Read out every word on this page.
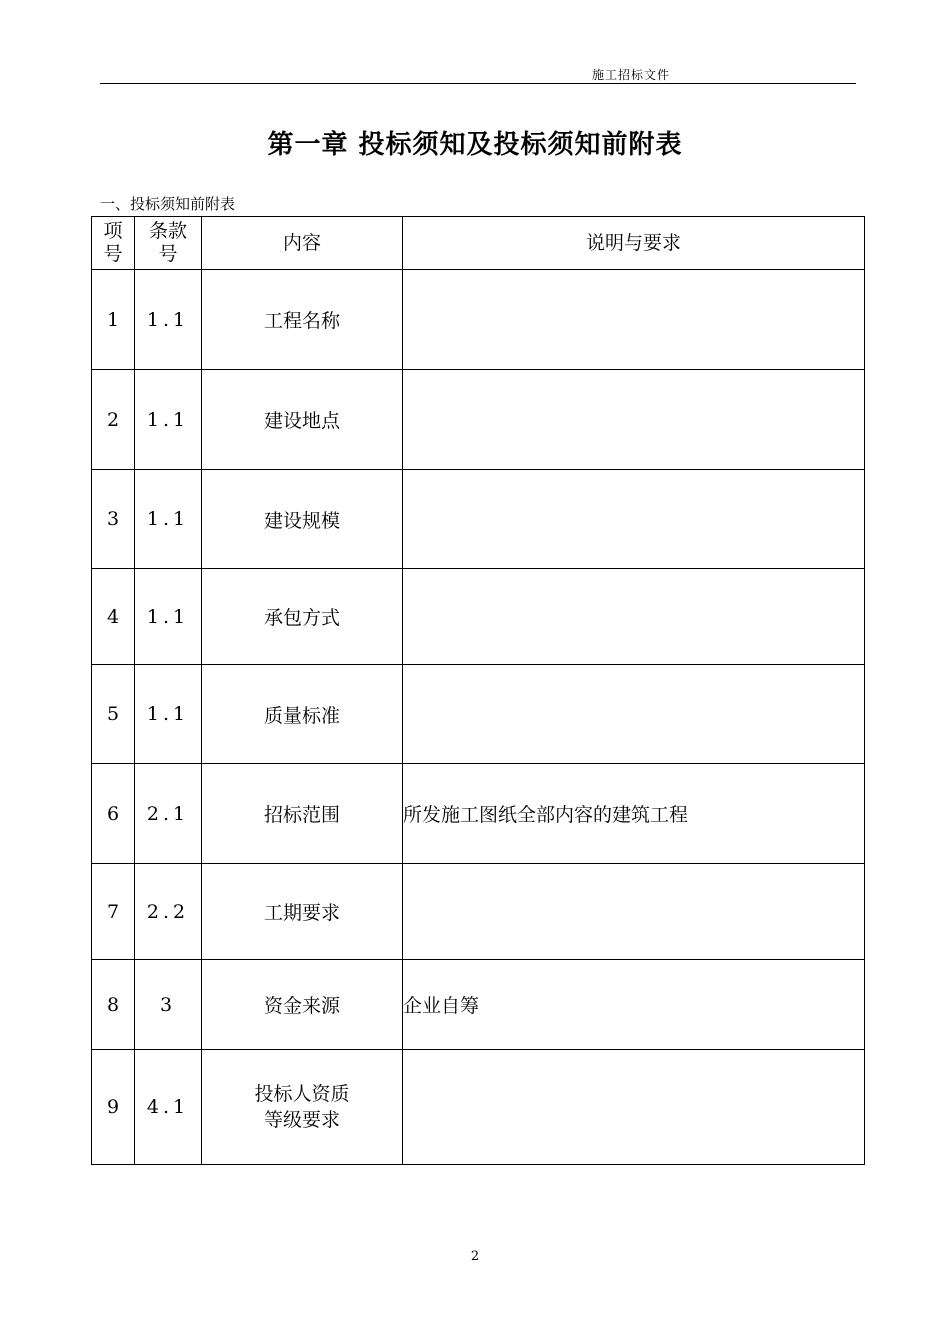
施工招标文件
第一章 投标须知及投标须知前附表
一、投标须知前附表
项号	条款号	内容	说明与要求
1	1.1	工程名称	
2	1.1	建设地点	
3	1.1	建设规模	
4	1.1	承包方式	
5	1.1	质量标准	
6	2.1	招标范围	所发施工图纸全部内容的建筑工程
7	2.2	工期要求	
8	3	资金来源	企业自筹
9	4.1	投标人资质等级要求	
2
